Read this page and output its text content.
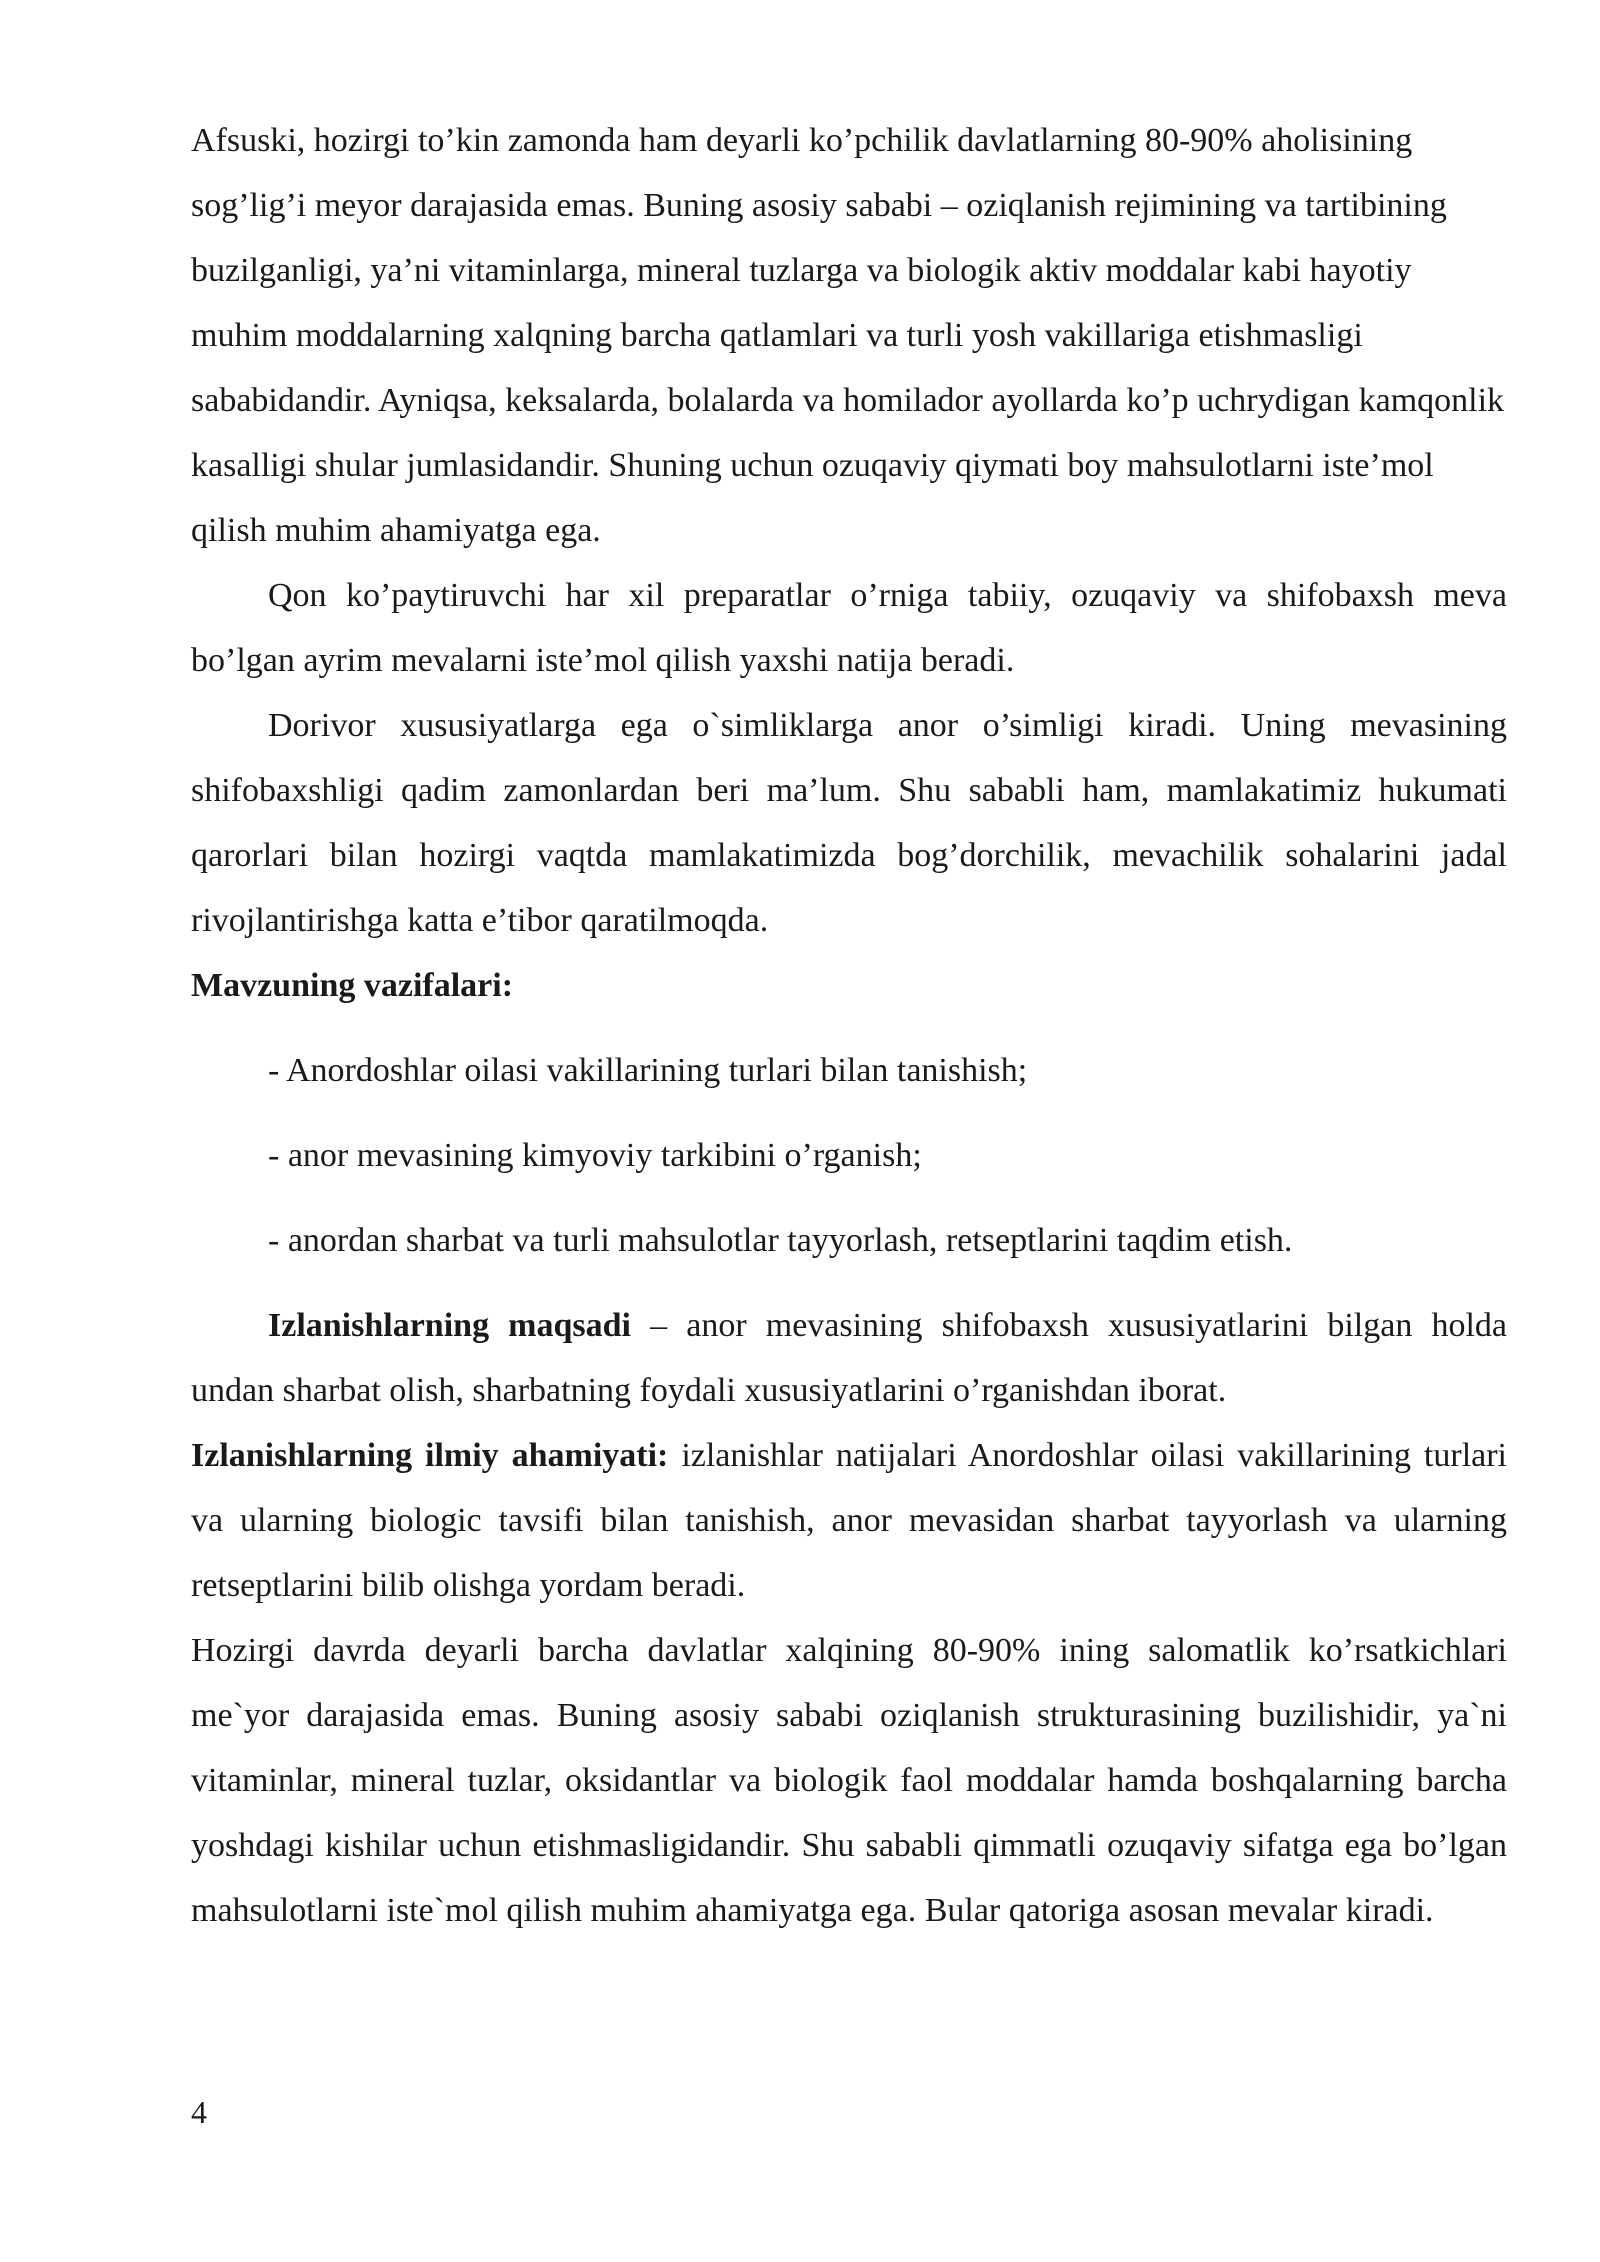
Afsuski, hozirgi to’kin zamonda ham deyarli ko’pchilik davlatlarning 80-90% aholisining sog’lig’i meyor darajasida emas. Buning asosiy sababi – oziqlanish rejimining va tartibining buzilganligi, ya’ni vitaminlarga, mineral tuzlarga va biologik aktiv moddalar kabi hayotiy muhim moddalarning xalqning barcha qatlamlari va turli yosh vakillariga etishmasligi sababidandir. Ayniqsa, keksalarda, bolalarda va homilador ayollarda ko’p uchrydigan kamqonlik kasalligi shular jumlasidandir. Shuning uchun ozuqaviy qiymati boy mahsulotlarni iste’mol qilish muhim ahamiyatga ega.

Qon ko’paytiruvchi har xil preparatlar o’rniga tabiiy, ozuqaviy va shifobaxsh meva bo’lgan ayrim mevalarni iste’mol qilish yaxshi natija beradi.

Dorivor xususiyatlarga ega o`simliklarga anor o’simligi kiradi. Uning mevasining shifobaxshligi qadim zamonlardan beri ma’lum. Shu sababli ham, mamlakatimiz hukumati qarorlari bilan hozirgi vaqtda mamlakatimizda bog’dorchilik, mevachilik sohalarini jadal rivojlantirishga katta e’tibor qaratilmoqda.

Mavzuning vazifalari:

- Anordoshlar oilasi vakillarining turlari bilan tanishish;
- anor mevasining kimyoviy tarkibini o’rganish;
- anordan sharbat va turli mahsulotlar tayyorlash, retseptlarini taqdim etish.

Izlanishlarning maqsadi – anor mevasining shifobaxsh xususiyatlarini bilgan holda undan sharbat olish, sharbatning foydali xususiyatlarini o’rganishdan iborat.

Izlanishlarning ilmiy ahamiyati: izlanishlar natijalari Anordoshlar oilasi vakillarining turlari va ularning biologic tavsifi bilan tanishish, anor mevasidan sharbat tayyorlash va ularning retseptlarini bilib olishga yordam beradi.

Hozirgi davrda deyarli barcha davlatlar xalqining 80-90% ining salomatlik ko’rsatkichlari me`yor darajasida emas. Buning asosiy sababi oziqlanish strukturasining buzilishidir, ya`ni vitaminlar, mineral tuzlar, oksidantlar va biologik faol moddalar hamda boshqalarning barcha yoshdagi kishilar uchun etishmasligidandir. Shu sababli qimmatli ozuqaviy sifatga ega bo’lgan mahsulotlarni iste`mol qilish muhim ahamiyatga ega. Bular qatoriga asosan mevalar kiradi.

4
